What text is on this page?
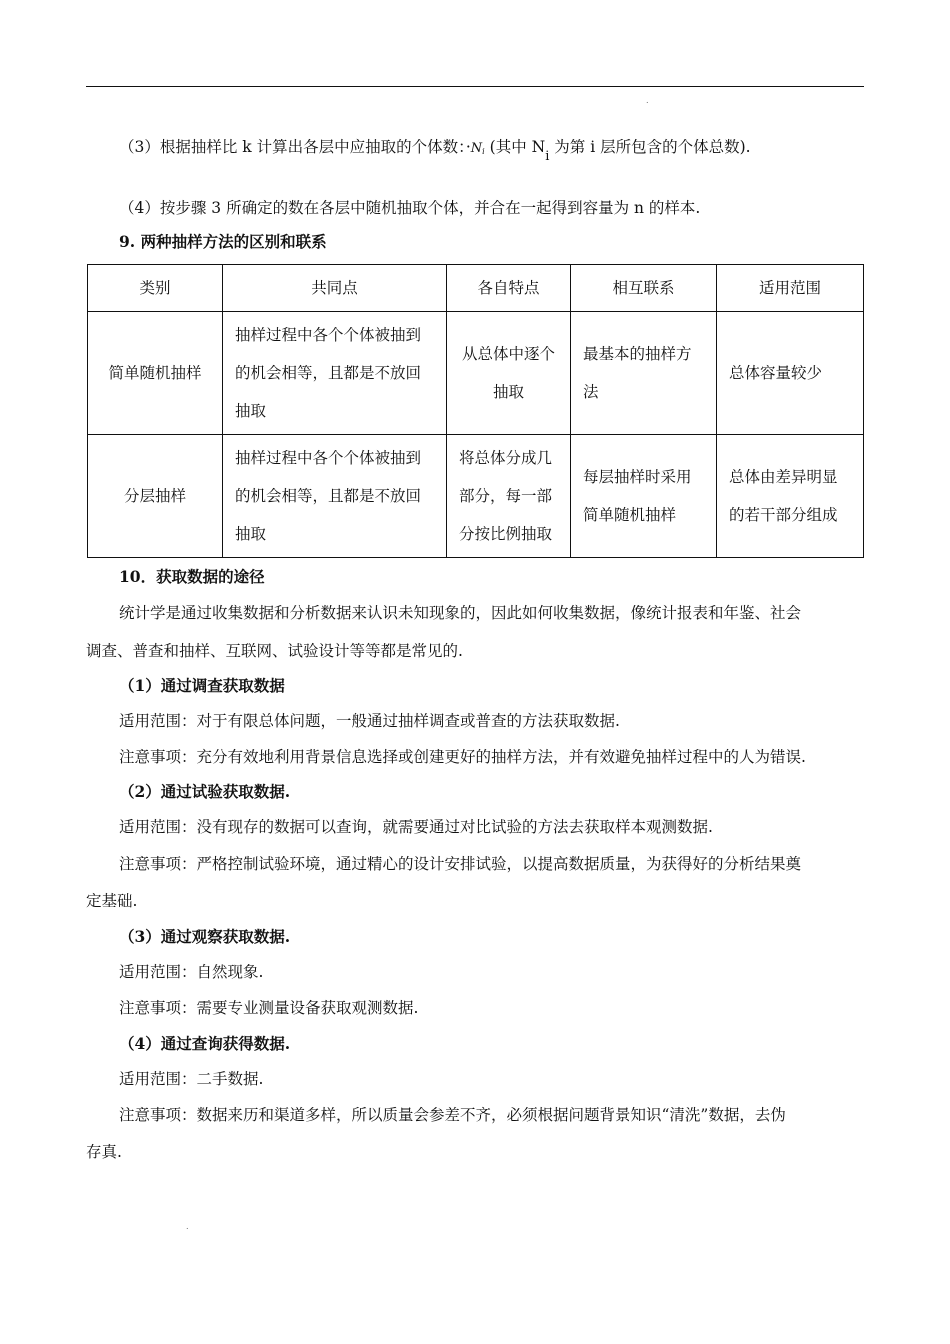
.
（3）根据抽样比 k 计算出各层中应抽取的个体数：·Ni (其中 Ni 为第 i 层所包含的个体总数).
（4）按步骤 3 所确定的数在各层中随机抽取个体，并合在一起得到容量为 n 的样本.
9. 两种抽样方法的区别和联系
类别	共同点	各自特点	相互联系	适用范围
简单随机抽样	抽样过程中各个个体被抽到的机会相等，且都是不放回抽取	从总体中逐个抽取	最基本的抽样方法	总体容量较少
分层抽样	抽样过程中各个个体被抽到的机会相等，且都是不放回抽取	将总体分成几部分，每一部分按比例抽取	每层抽样时采用简单随机抽样	总体由差异明显的若干部分组成
10．获取数据的途径
统计学是通过收集数据和分析数据来认识未知现象的，因此如何收集数据，像统计报表和年鉴、社会
调查、普查和抽样、互联网、试验设计等等都是常见的.
（1）通过调查获取数据
适用范围：对于有限总体问题，一般通过抽样调查或普查的方法获取数据.
注意事项：充分有效地利用背景信息选择或创建更好的抽样方法，并有效避免抽样过程中的人为错误.
（2）通过试验获取数据.
适用范围：没有现存的数据可以查询，就需要通过对比试验的方法去获取样本观测数据.
注意事项：严格控制试验环境，通过精心的设计安排试验，以提高数据质量，为获得好的分析结果奠
定基础.
（3）通过观察获取数据.
适用范围：自然现象.
注意事项：需要专业测量设备获取观测数据.
（4）通过查询获得数据.
适用范围：二手数据.
注意事项：数据来历和渠道多样，所以质量会参差不齐，必须根据问题背景知识“清洗”数据，去伪
存真.
.
